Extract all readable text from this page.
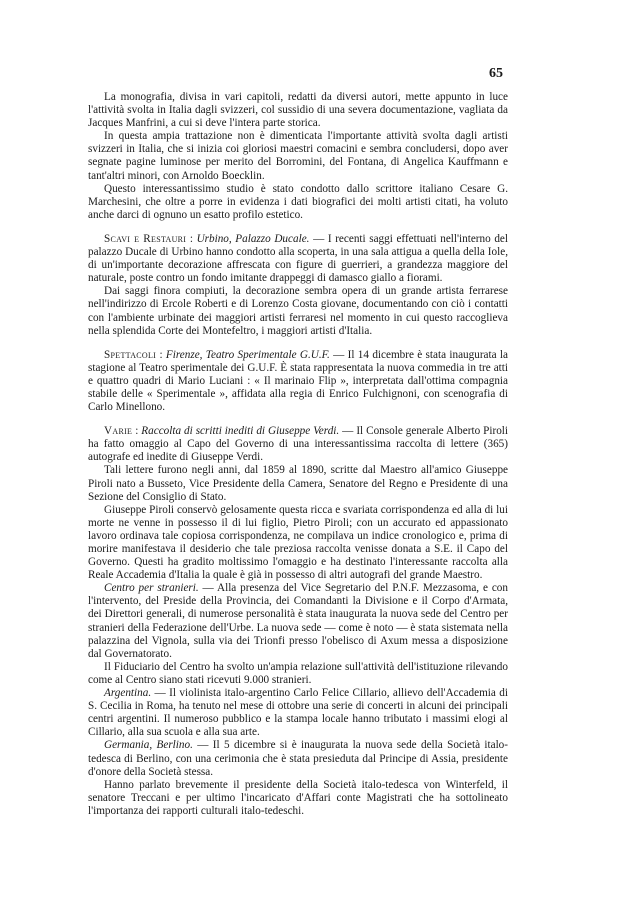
65

La monografia, divisa in vari capitoli, redatti da diversi autori, mette appunto in luce l'attività svolta in Italia dagli svizzeri, col sussidio di una severa documentazione, vagliata da Jacques Manfrini, a cui si deve l'intera parte storica.

In questa ampia trattazione non è dimenticata l'importante attività svolta dagli artisti svizzeri in Italia, che si inizia coi gloriosi maestri comacini e sembra concludersi, dopo aver segnate pagine luminose per merito del Borromini, del Fontana, di Angelica Kauffmann e tant'altri minori, con Arnoldo Boecklin.

Questo interessantissimo studio è stato condotto dallo scrittore italiano Cesare G. Marchesini, che oltre a porre in evidenza i dati biografici dei molti artisti citati, ha voluto anche darci di ognuno un esatto profilo estetico.

Scavi e Restauri : Urbino, Palazzo Ducale. — I recenti saggi effettuati nell'interno del palazzo Ducale di Urbino hanno condotto alla scoperta, in una sala attigua a quella della Iole, di un'importante decorazione affrescata con figure di guerrieri, a grandezza maggiore del naturale, poste contro un fondo imitante drappeggi di damasco giallo a fiorami.

Dai saggi finora compiuti, la decorazione sembra opera di un grande artista ferrarese nell'indirizzo di Ercole Roberti e di Lorenzo Costa giovane, documentando con ciò i contatti con l'ambiente urbinate dei maggiori artisti ferraresi nel momento in cui questo raccoglieva nella splendida Corte dei Montefeltro, i maggiori artisti d'Italia.

Spettacoli : Firenze, Teatro Sperimentale G.U.F. — Il 14 dicembre è stata inaugurata la stagione al Teatro sperimentale dei G.U.F. È stata rappresentata la nuova commedia in tre atti e quattro quadri di Mario Luciani : « Il marinaio Flip », interpretata dall'ottima compagnia stabile delle « Sperimentale », affidata alla regia di Enrico Fulchignoni, con scenografia di Carlo Minellono.

Varie : Raccolta di scritti inediti di Giuseppe Verdi. — Il Console generale Alberto Piroli ha fatto omaggio al Capo del Governo di una interessantissima raccolta di lettere (365) autografe ed inedite di Giuseppe Verdi.

Tali lettere furono negli anni, dal 1859 al 1890, scritte dal Maestro all'amico Giuseppe Piroli nato a Busseto, Vice Presidente della Camera, Senatore del Regno e Presidente di una Sezione del Consiglio di Stato.

Giuseppe Piroli conservò gelosamente questa ricca e svariata corrispondenza ed alla di lui morte ne venne in possesso il di lui figlio, Pietro Piroli; con un accurato ed appassionato lavoro ordinava tale copiosa corrispondenza, ne compilava un indice cronologico e, prima di morire manifestava il desiderio che tale preziosa raccolta venisse donata a S.E. il Capo del Governo. Questi ha gradito moltissimo l'omaggio e ha destinato l'interessante raccolta alla Reale Accademia d'Italia la quale è già in possesso di altri autografi del grande Maestro.

Centro per stranieri. — Alla presenza del Vice Segretario del P.N.F. Mezzasoma, e con l'intervento, del Preside della Provincia, dei Comandanti la Divisione e il Corpo d'Armata, dei Direttori generali, di numerose personalità è stata inaugurata la nuova sede del Centro per stranieri della Federazione dell'Urbe. La nuova sede — come è noto — è stata sistemata nella palazzina del Vignola, sulla via dei Trionfi presso l'obelisco di Axum messa a disposizione dal Governatorato.

Il Fiduciario del Centro ha svolto un'ampia relazione sull'attività dell'istituzione rilevando come al Centro siano stati ricevuti 9.000 stranieri.

Argentina. — Il violinista italo-argentino Carlo Felice Cillario, allievo dell'Accademia di S. Cecilia in Roma, ha tenuto nel mese di ottobre una serie di concerti in alcuni dei principali centri argentini. Il numeroso pubblico e la stampa locale hanno tributato i massimi elogi al Cillario, alla sua scuola e alla sua arte.

Germania, Berlino. — Il 5 dicembre si è inaugurata la nuova sede della Società italo-tedesca di Berlino, con una cerimonia che è stata presieduta dal Principe di Assia, presidente d'onore della Società stessa.

Hanno parlato brevemente il presidente della Società italo-tedesca von Winterfeld, il senatore Treccani e per ultimo l'incaricato d'Affari conte Magistrati che ha sottolineato l'importanza dei rapporti culturali italo-tedeschi.
